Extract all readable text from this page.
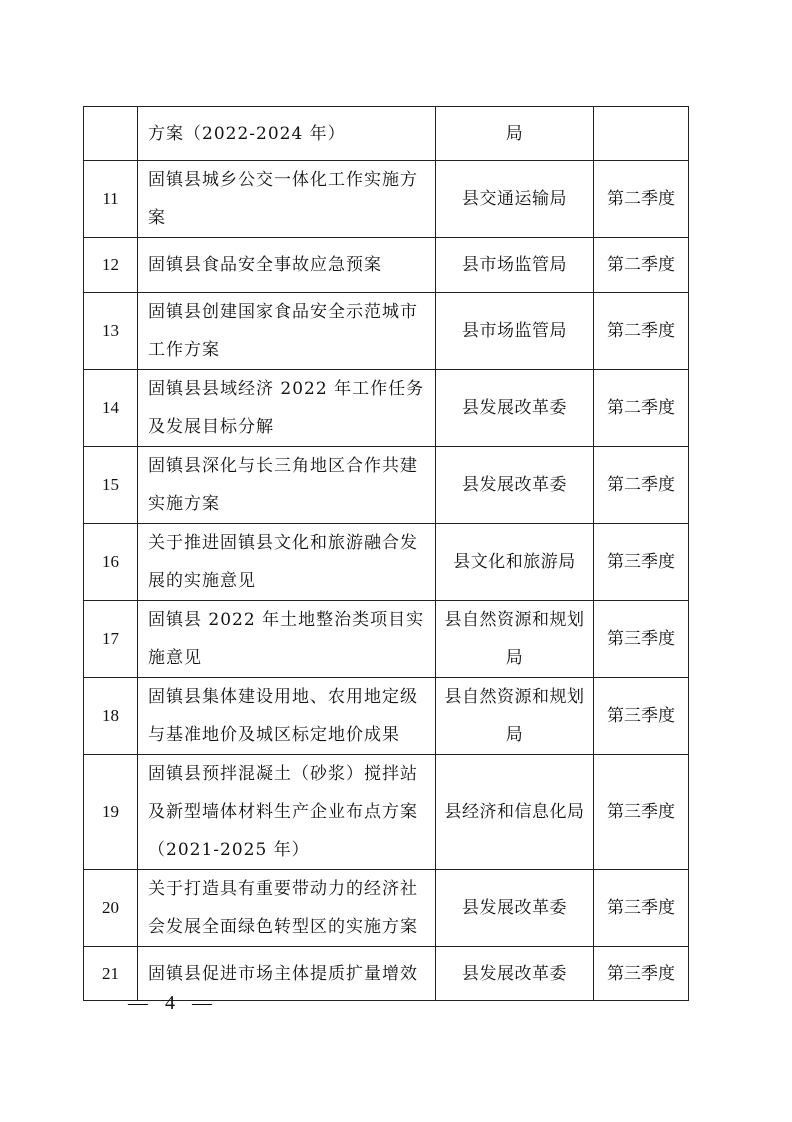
	方案（2022-2024 年）	局	
11	固镇县城乡公交一体化工作实施方案	县交通运输局	第二季度
12	固镇县食品安全事故应急预案	县市场监管局	第二季度
13	固镇县创建国家食品安全示范城市工作方案	县市场监管局	第二季度
14	固镇县县域经济 2022 年工作任务及发展目标分解	县发展改革委	第二季度
15	固镇县深化与长三角地区合作共建实施方案	县发展改革委	第二季度
16	关于推进固镇县文化和旅游融合发展的实施意见	县文化和旅游局	第三季度
17	固镇县 2022 年土地整治类项目实施意见	县自然资源和规划局	第三季度
18	固镇县集体建设用地、农用地定级与基准地价及城区标定地价成果	县自然资源和规划局	第三季度
19	固镇县预拌混凝土（砂浆）搅拌站及新型墙体材料生产企业布点方案（2021-2025 年）	县经济和信息化局	第三季度
20	关于打造具有重要带动力的经济社会发展全面绿色转型区的实施方案	县发展改革委	第三季度
21	固镇县促进市场主体提质扩量增效	县发展改革委	第三季度
— 4 —
